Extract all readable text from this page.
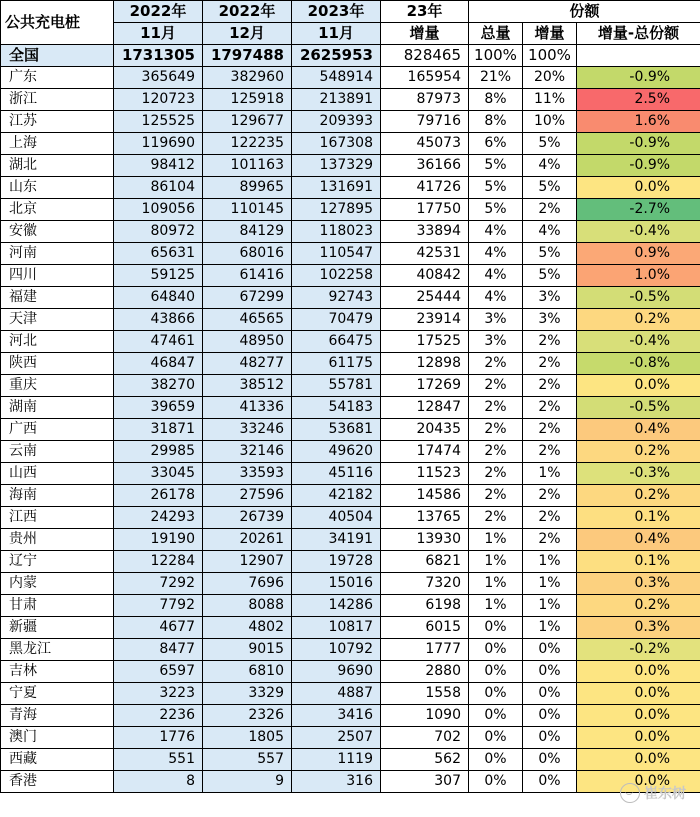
公共充电桩	2022年	2022年	2023年	23年	份额		
	11月	12月	11月	增量	总量	增量	增量-总份额
全国	1731305	1797488	2625953	828465	100%	100%	
广东	365649	382960	548914	165954	21%	20%	-0.9%
浙江	120723	125918	213891	87973	8%	11%	2.5%
江苏	125525	129677	209393	79716	8%	10%	1.6%
上海	119690	122235	167308	45073	6%	5%	-0.9%
湖北	98412	101163	137329	36166	5%	4%	-0.9%
山东	86104	89965	131691	41726	5%	5%	0.0%
北京	109056	110145	127895	17750	5%	2%	-2.7%
安徽	80972	84129	118023	33894	4%	4%	-0.4%
河南	65631	68016	110547	42531	4%	5%	0.9%
四川	59125	61416	102258	40842	4%	5%	1.0%
福建	64840	67299	92743	25444	4%	3%	-0.5%
天津	43866	46565	70479	23914	3%	3%	0.2%
河北	47461	48950	66475	17525	3%	2%	-0.4%
陕西	46847	48277	61175	12898	2%	2%	-0.8%
重庆	38270	38512	55781	17269	2%	2%	0.0%
湖南	39659	41336	54183	12847	2%	2%	-0.5%
广西	31871	33246	53681	20435	2%	2%	0.4%
云南	29985	32146	49620	17474	2%	2%	0.2%
山西	33045	33593	45116	11523	2%	1%	-0.3%
海南	26178	27596	42182	14586	2%	2%	0.2%
江西	24293	26739	40504	13765	2%	2%	0.1%
贵州	19190	20261	34191	13930	1%	2%	0.4%
辽宁	12284	12907	19728	6821	1%	1%	0.1%
内蒙	7292	7696	15016	7320	1%	1%	0.3%
甘肃	7792	8088	14286	6198	1%	1%	0.2%
新疆	4677	4802	10817	6015	0%	1%	0.3%
黑龙江	8477	9015	10792	1777	0%	0%	-0.2%
吉林	6597	6810	9690	2880	0%	0%	0.0%
宁夏	3223	3329	4887	1558	0%	0%	0.0%
青海	2236	2326	3416	1090	0%	0%	0.0%
澳门	1776	1805	2507	702	0%	0%	0.0%
西藏	551	557	1119	562	0%	0%	0.0%
香港	8	9	316	307	0%	0%	0.0%
崔东树
